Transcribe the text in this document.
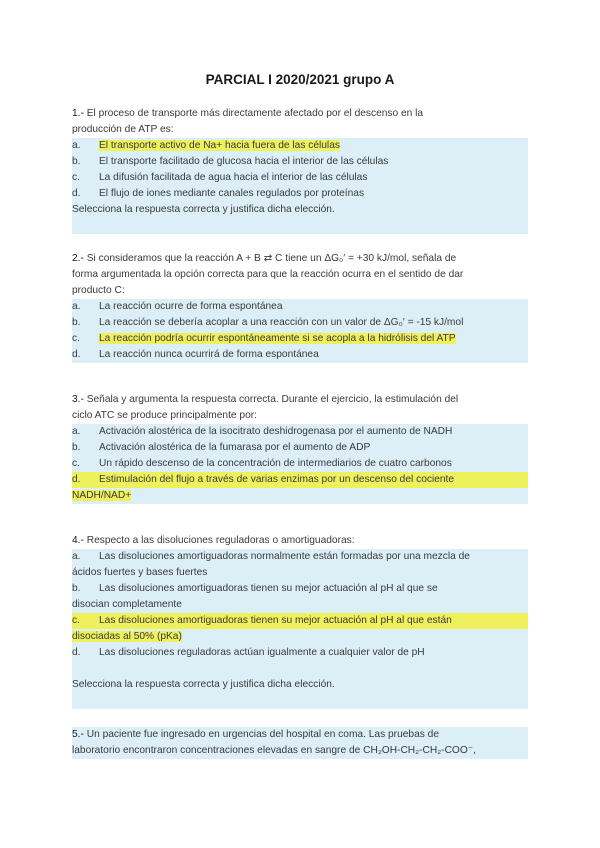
PARCIAL I 2020/2021 grupo A
1.- El proceso de transporte más directamente afectado por el descenso en la
producción de ATP es:
a. El transporte activo de Na+ hacia fuera de las células
b. El transporte facilitado de glucosa hacia el interior de las células
c. La difusión facilitada de agua hacia el interior de las células
d. El flujo de iones mediante canales regulados por proteínas
Selecciona la respuesta correcta y justifica dicha elección.
2.- Si consideramos que la reacción A + B ⇄ C tiene un ΔG₀′ = +30 kJ/mol, señala de
forma argumentada la opción correcta para que la reacción ocurra en el sentido de dar
producto C:
a. La reacción ocurre de forma espontánea
b. La reacción se debería acoplar a una reacción con un valor de ΔG₀′ = -15 kJ/mol
c. La reacción podría ocurrir espontáneamente si se acopla a la hidrólisis del ATP
d. La reacción nunca ocurrirá de forma espontánea
3.- Señala y argumenta la respuesta correcta. Durante el ejercicio, la estimulación del
ciclo ATC se produce principalmente por:
a. Activación alostérica de la isocitrato deshidrogenasa por el aumento de NADH
b. Activación alostérica de la fumarasa por el aumento de ADP
c. Un rápido descenso de la concentración de intermediarios de cuatro carbonos
d. Estimulación del flujo a través de varias enzimas por un descenso del cociente
NADH/NAD+
4.- Respecto a las disoluciones reguladoras o amortiguadoras:
a. Las disoluciones amortiguadoras normalmente están formadas por una mezcla de
ácidos fuertes y bases fuertes
b. Las disoluciones amortiguadoras tienen su mejor actuación al pH al que se
disocian completamente
c. Las disoluciones amortiguadoras tienen su mejor actuación al pH al que están
disociadas al 50% (pKa)
d. Las disoluciones reguladoras actúan igualmente a cualquier valor de pH
Selecciona la respuesta correcta y justifica dicha elección.
5.- Un paciente fue ingresado en urgencias del hospital en coma. Las pruebas de
laboratorio encontraron concentraciones elevadas en sangre de CH₂OH-CH₂-CH₂-COO⁻,
